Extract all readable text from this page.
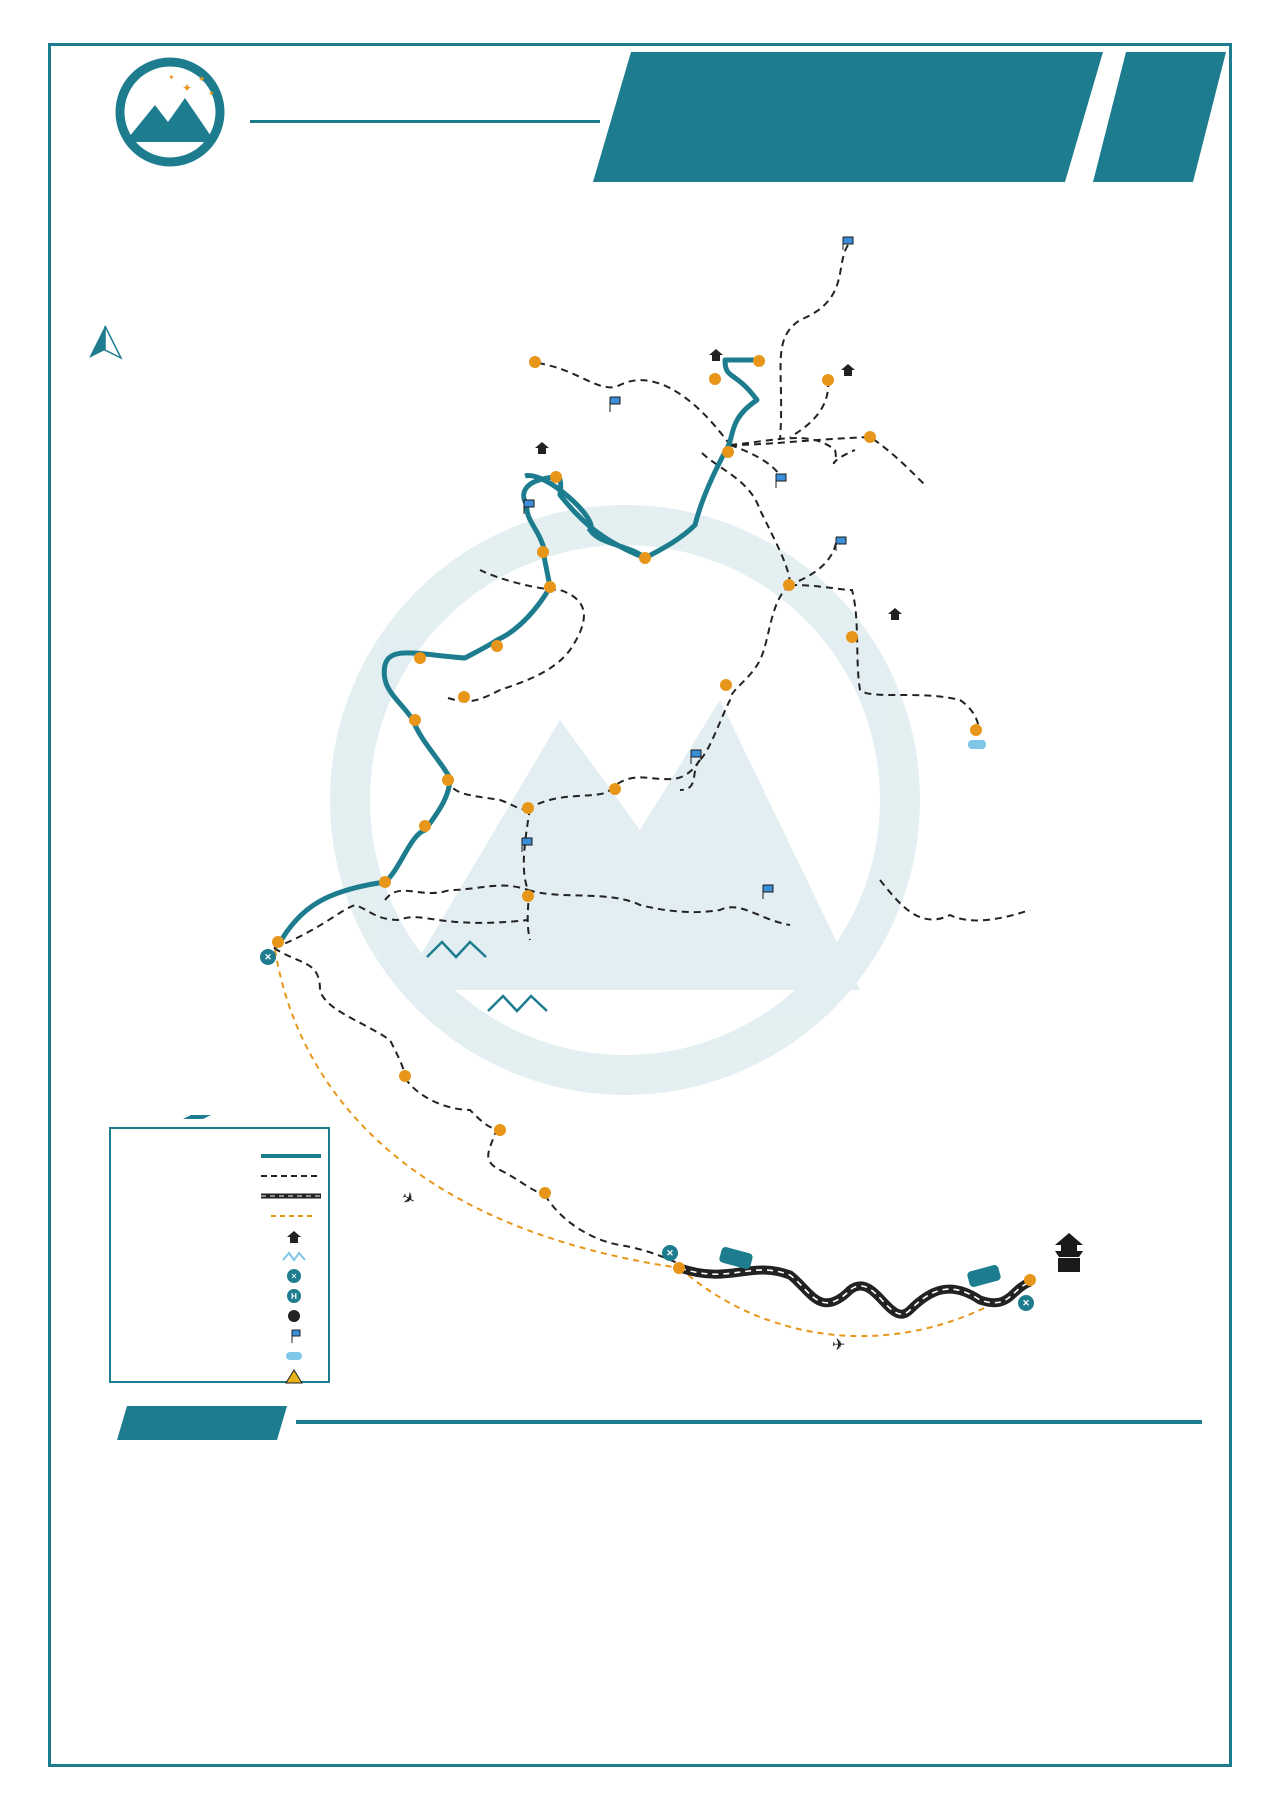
✦
✦
✦
✦
✕
✕
✕
✈
✈
✕
H
